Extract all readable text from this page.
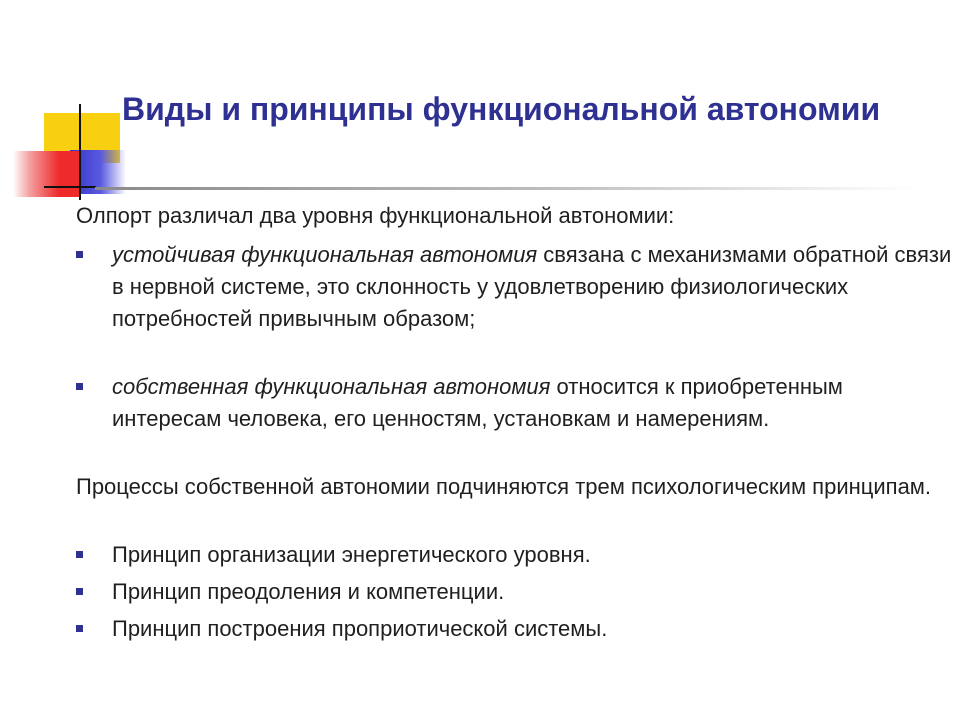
Виды и принципы функциональной автономии

Олпорт различал два уровня функциональной автономии:

устойчивая функциональная автономия связана с механизмами обратной связи в нервной системе, это склонность у удовлетворению физиологических потребностей привычным образом;
собственная функциональная автономия относится к приобретенным интересам человека, его ценностям, установкам и намерениям.

Процессы собственной автономии подчиняются трем психологическим принципам.

Принцип организации энергетического уровня.
Принцип преодоления и компетенции.
Принцип построения проприотической системы.
